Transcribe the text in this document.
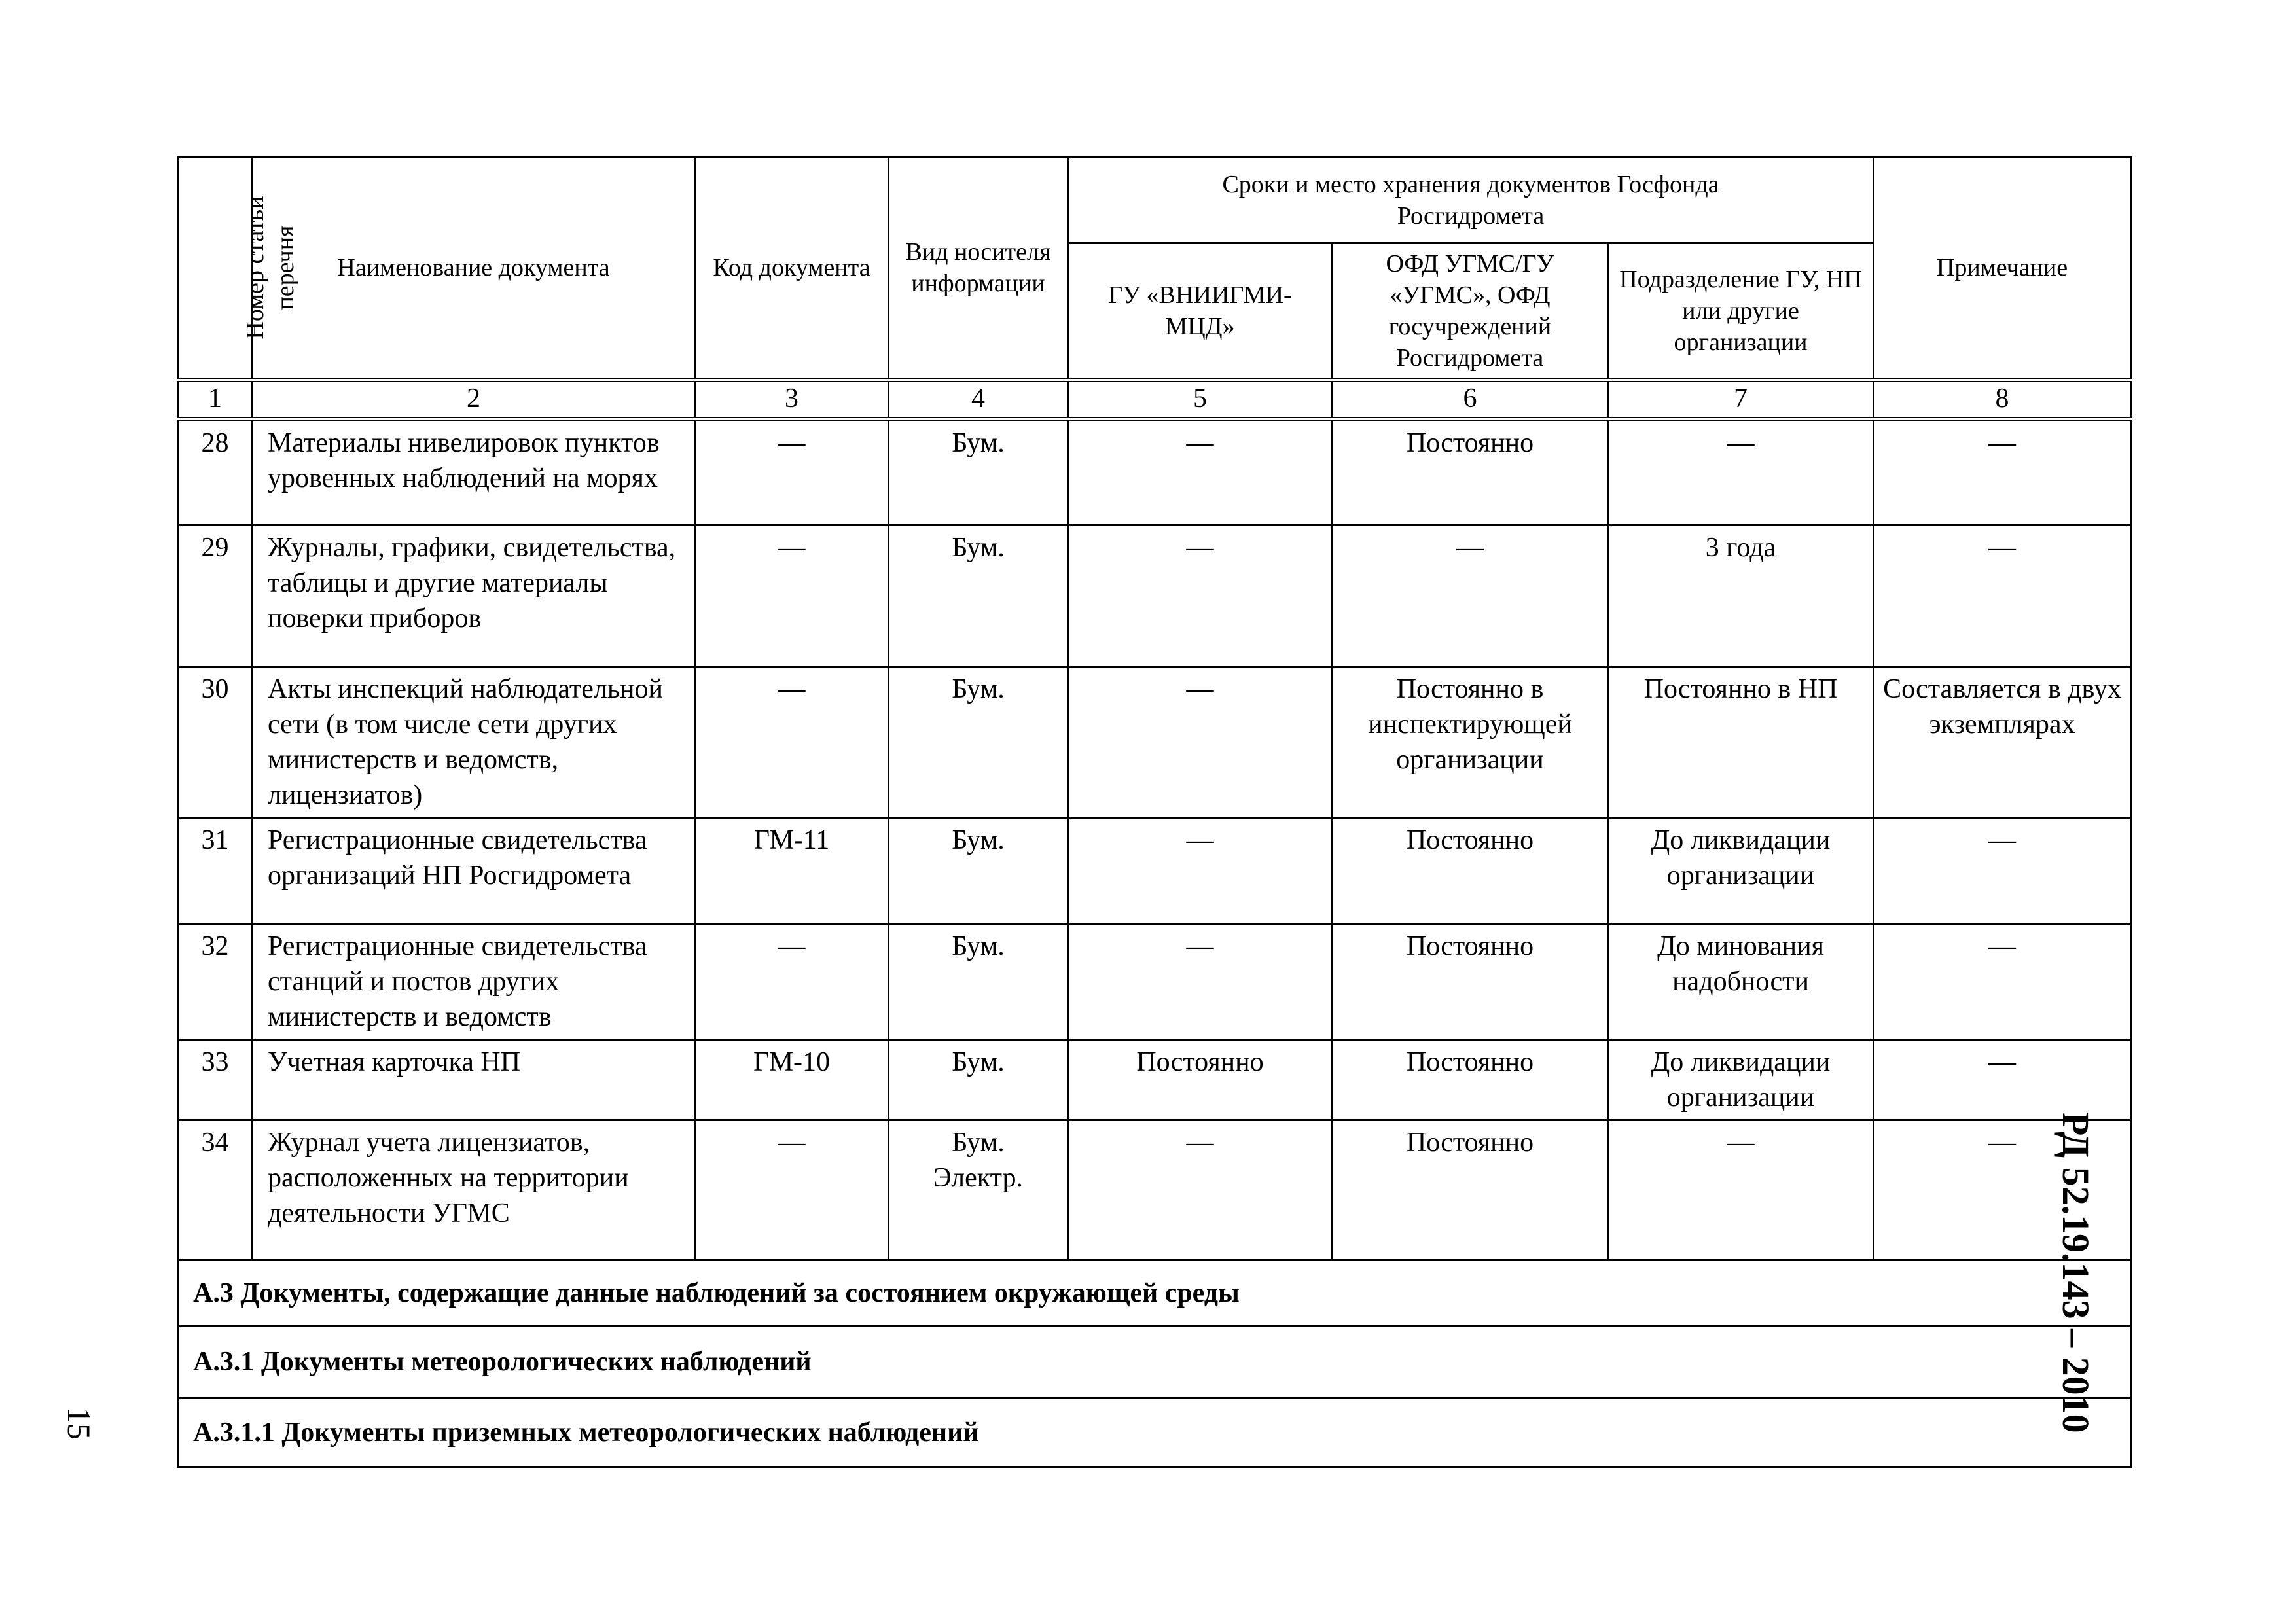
Номер статьи перечня	Наименование документа	Код документа	Вид носителя информации	Сроки и место хранения документов Госфонда Росгидромета			Примечание
				ГУ «ВНИИГМИ-МЦД»	ОФД УГМС/ГУ «УГМС», ОФД госучреждений Росгидромета	Подразделение ГУ, НП или другие организации	
1	2	3	4	5	6	7	8
28	Материалы нивелировок пунктов уровенных наблюдений на морях	—	Бум.	—	Постоянно	—	—
29	Журналы, графики, свидетельства, таблицы и другие материалы поверки приборов	—	Бум.	—	—	3 года	—
30	Акты инспекций наблюдательной сети (в том числе сети других министерств и ведомств, лицензиатов)	—	Бум.	—	Постоянно в инспектирующей организации	Постоянно в НП	Составляется в двух экземплярах
31	Регистрационные свидетельства организаций НП Росгидромета	ГМ-11	Бум.	—	Постоянно	До ликвидации организации	—
32	Регистрационные свидетельства станций и постов других министерств и ведомств	—	Бум.	—	Постоянно	До минования надобности	—
33	Учетная карточка НП	ГМ-10	Бум.	Постоянно	Постоянно	До ликвидации организации	—
34	Журнал учета лицензиатов, расположенных на территории деятельности УГМС	—	Бум. Электр.	—	Постоянно	—	—
А.3 Документы, содержащие данные наблюдений за состоянием окружающей среды							
А.3.1 Документы метеорологических наблюдений							
А.3.1.1 Документы приземных метеорологических наблюдений								РД 52.19.143 – 2010
15
